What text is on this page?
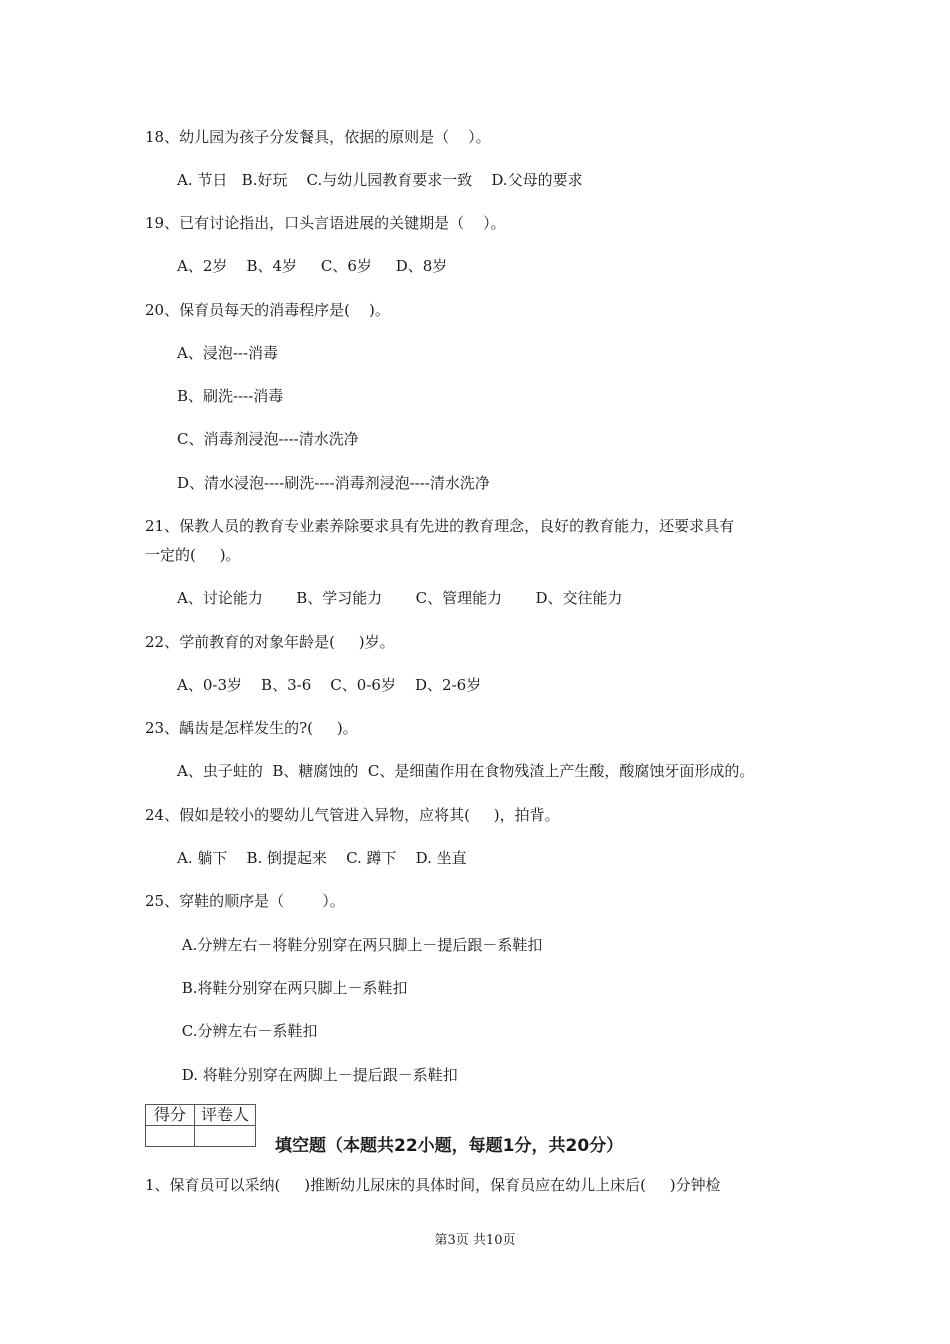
18、幼儿园为孩子分发餐具，依据的原则是（    ）。
A. 节日   B.好玩    C.与幼儿园教育要求一致    D.父母的要求
19、已有讨论指出，口头言语进展的关键期是（    ）。
A、2岁    B、4岁     C、6岁     D、8岁
20、保育员每天的消毒程序是(    )。
A、浸泡---消毒
B、刷洗----消毒
C、消毒剂浸泡----清水洗净
D、清水浸泡----刷洗----消毒剂浸泡----清水洗净
21、保教人员的教育专业素养除要求具有先进的教育理念，良好的教育能力，还要求具有
一定的(     )。
A、讨论能力       B、学习能力       C、管理能力       D、交往能力
22、学前教育的对象年龄是(     )岁。
A、0-3岁    B、3-6    C、0-6岁    D、2-6岁
23、龋齿是怎样发生的?(     )。
A、虫子蛀的  B、糖腐蚀的  C、是细菌作用在食物残渣上产生酸，酸腐蚀牙面形成的。
24、假如是较小的婴幼儿气管进入异物，应将其(     )，拍背。
A. 躺下    B. 倒提起来    C. 蹲下    D. 坐直
25、穿鞋的顺序是（        ）。
A.分辨左右－将鞋分别穿在两只脚上－提后跟－系鞋扣
B.将鞋分别穿在两只脚上－系鞋扣
C.分辨左右－系鞋扣
D. 将鞋分别穿在两脚上－提后跟－系鞋扣
得分	评卷人

填空题（本题共22小题，每题1分，共20分）
1、保育员可以采纳(     )推断幼儿尿床的具体时间，保育员应在幼儿上床后(     )分钟检
第3页 共10页
